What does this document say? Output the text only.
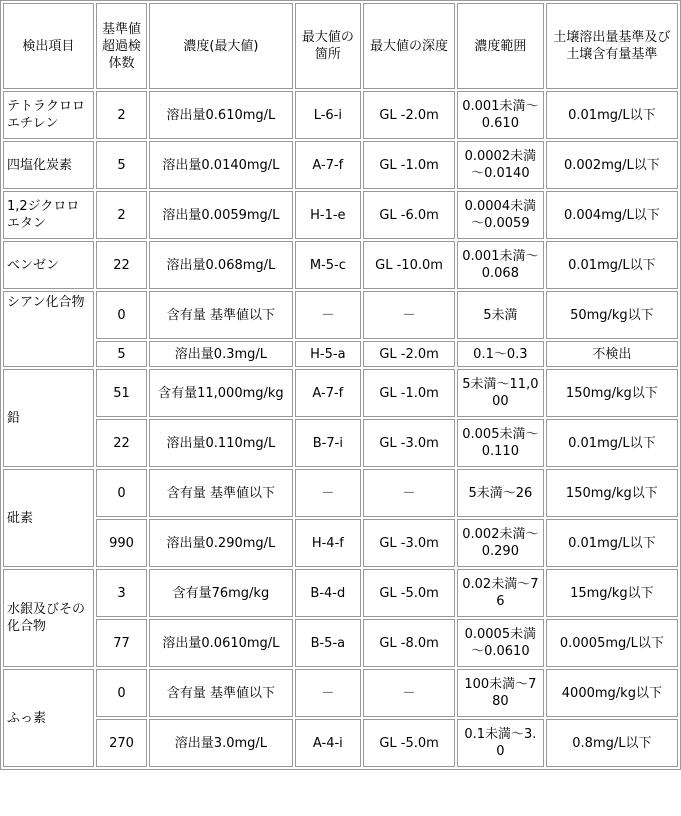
検出項目	基準値超過検体数	濃度(最大値)	最大値の箇所	最大値の深度	濃度範囲	土壌溶出量基準及び土壌含有量基準
テトラクロロエチレン	2	溶出量0.610mg/L	L-6-i	GL -2.0m	0.001未満～0.610	0.01mg/L以下
四塩化炭素	5	溶出量0.0140mg/L	A-7-f	GL -1.0m	0.0002未満～0.0140	0.002mg/L以下
1,2ジクロロエタン	2	溶出量0.0059mg/L	H-1-e	GL -6.0m	0.0004未満～0.0059	0.004mg/L以下
ベンゼン	22	溶出量0.068mg/L	M-5-c	GL -10.0m	0.001未満～0.068	0.01mg/L以下
シアン化合物	0	含有量 基準値以下	－	－	5未満	50mg/kg以下
	5	溶出量0.3mg/L	H-5-a	GL -2.0m	0.1～0.3	不検出
鉛	51	含有量11,000mg/kg	A-7-f	GL -1.0m	5未満～11,000	150mg/kg以下
	22	溶出量0.110mg/L	B-7-i	GL -3.0m	0.005未満～0.110	0.01mg/L以下
砒素	0	含有量 基準値以下	－	－	5未満～26	150mg/kg以下
	990	溶出量0.290mg/L	H-4-f	GL -3.0m	0.002未満～0.290	0.01mg/L以下
水銀及びその化合物	3	含有量76mg/kg	B-4-d	GL -5.0m	0.02未満～76	15mg/kg以下
	77	溶出量0.0610mg/L	B-5-a	GL -8.0m	0.0005未満～0.0610	0.0005mg/L以下
ふっ素	0	含有量 基準値以下	－	－	100未満～780	4000mg/kg以下
	270	溶出量3.0mg/L	A-4-i	GL -5.0m	0.1未満～3.0	0.8mg/L以下
